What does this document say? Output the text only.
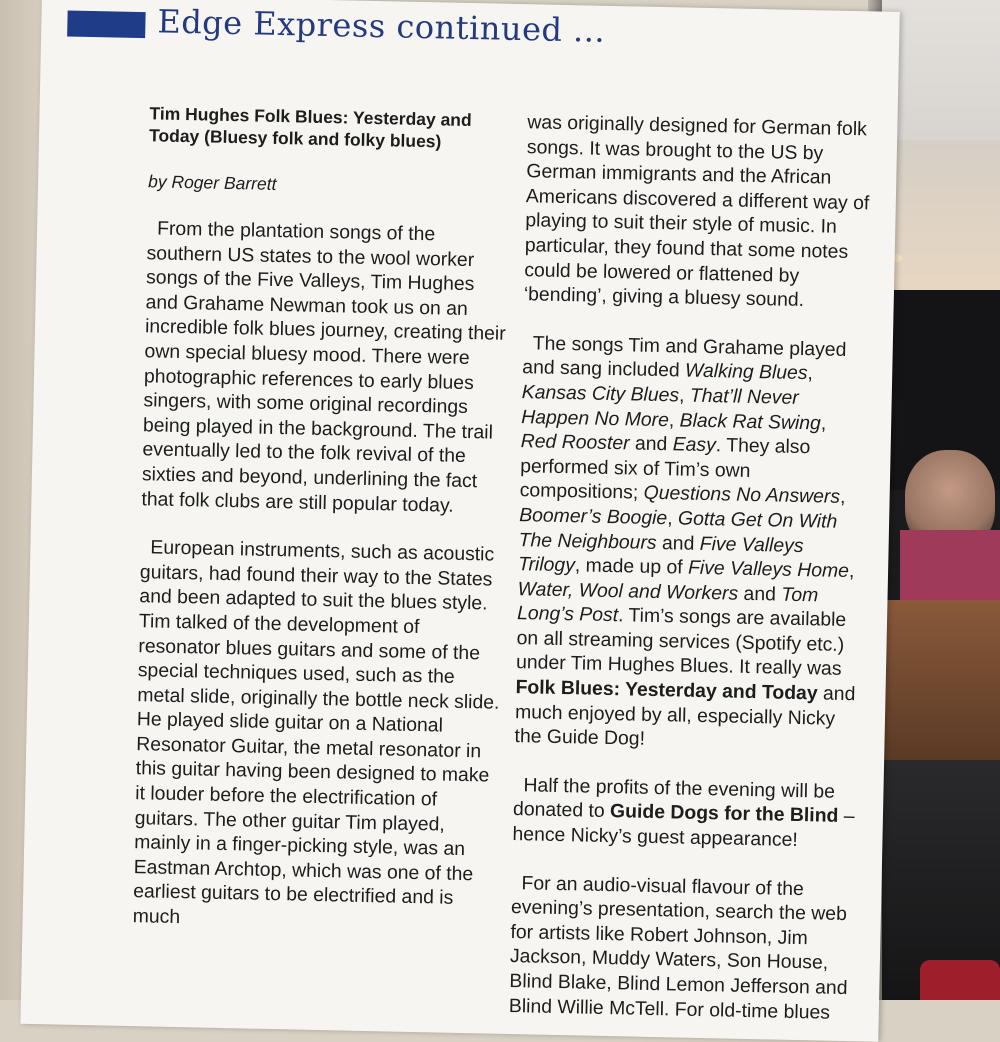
Edge Express continued ...

Tim Hughes Folk Blues: Yesterday and Today (Bluesy folk and folky blues)

by Roger Barrett

From the plantation songs of the southern US states to the wool worker songs of the Five Valleys, Tim Hughes and Grahame Newman took us on an incredible folk blues journey, creating their own special bluesy mood. There were photographic references to early blues singers, with some original recordings being played in the background. The trail eventually led to the folk revival of the sixties and beyond, underlining the fact that folk clubs are still popular today.

European instruments, such as acoustic guitars, had found their way to the States and been adapted to suit the blues style. Tim talked of the development of resonator blues guitars and some of the special techniques used, such as the metal slide, originally the bottle neck slide. He played slide guitar on a National Resonator Guitar, the metal resonator in this guitar having been designed to make it louder before the electrification of guitars. The other guitar Tim played, mainly in a finger-picking style, was an Eastman Archtop, which was one of the earliest guitars to be electrified and is much

was originally designed for German folk songs. It was brought to the US by German immigrants and the African Americans discovered a different way of playing to suit their style of music. In particular, they found that some notes could be lowered or flattened by ‘bending’, giving a bluesy sound.

The songs Tim and Grahame played and sang included Walking Blues, Kansas City Blues, That’ll Never Happen No More, Black Rat Swing, Red Rooster and Easy. They also performed six of Tim’s own compositions; Questions No Answers, Boomer’s Boogie, Gotta Get On With The Neighbours and Five Valleys Trilogy, made up of Five Valleys Home, Water, Wool and Workers and Tom Long’s Post. Tim’s songs are available on all streaming services (Spotify etc.) under Tim Hughes Blues. It really was Folk Blues: Yesterday and Today and much enjoyed by all, especially Nicky the Guide Dog!

Half the profits of the evening will be donated to Guide Dogs for the Blind – hence Nicky’s guest appearance!

For an audio-visual flavour of the evening’s presentation, search the web for artists like Robert Johnson, Jim Jackson, Muddy Waters, Son House, Blind Blake, Blind Lemon Jefferson and Blind Willie McTell. For old-time blues
